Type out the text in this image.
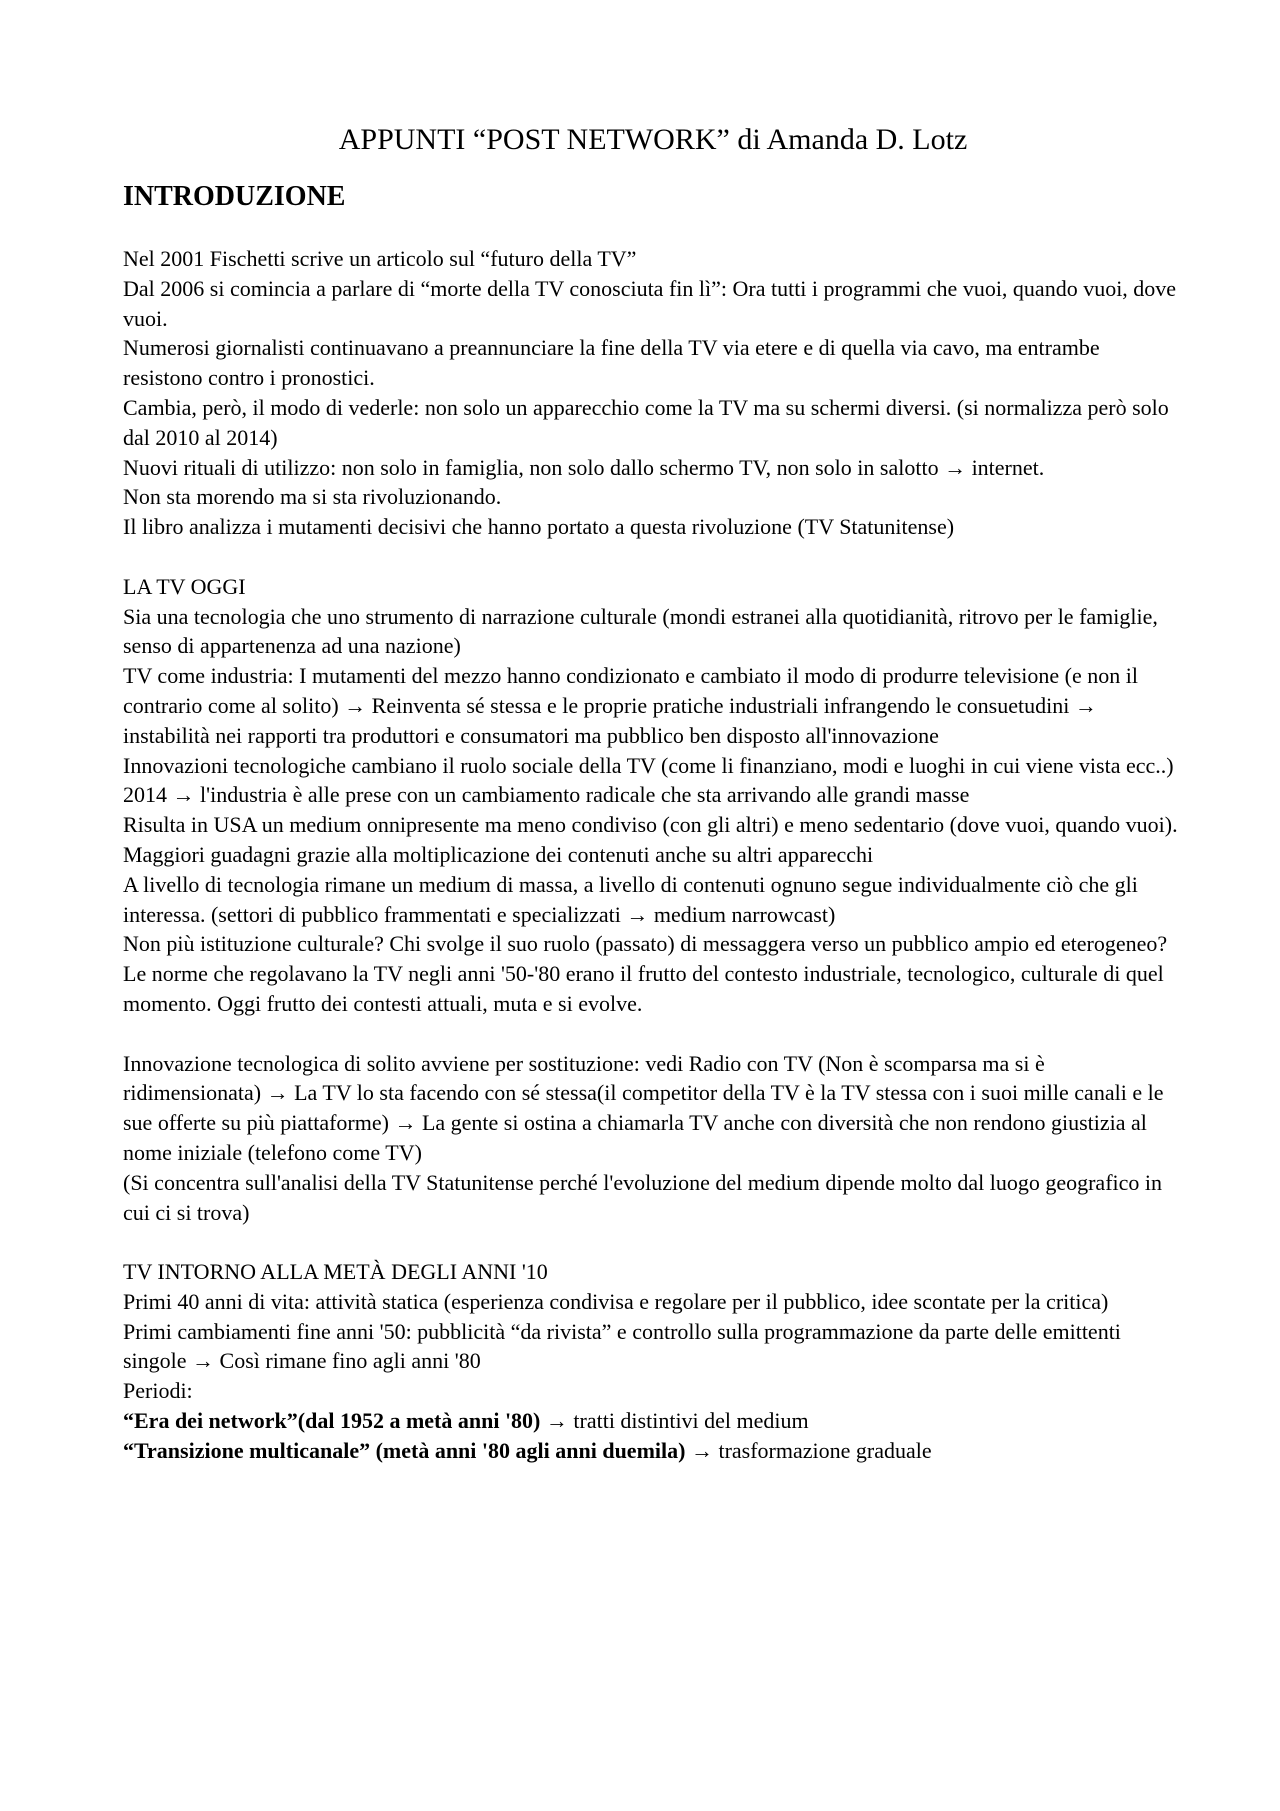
APPUNTI “POST NETWORK” di Amanda D. Lotz
INTRODUZIONE

Nel 2001 Fischetti scrive un articolo sul “futuro della TV”

Dal 2006 si comincia a parlare di “morte della TV conosciuta fin lì”: Ora tutti i programmi che vuoi, quando vuoi, dove vuoi.

Numerosi giornalisti continuavano a preannunciare la fine della TV via etere e di quella via cavo, ma entrambe resistono contro i pronostici.

Cambia, però, il modo di vederle: non solo un apparecchio come la TV ma su schermi diversi. (si normalizza però solo dal 2010 al 2014)

Nuovi rituali di utilizzo: non solo in famiglia, non solo dallo schermo TV, non solo in salotto → internet.

Non sta morendo ma si sta rivoluzionando.

Il libro analizza i mutamenti decisivi che hanno portato a questa rivoluzione (TV Statunitense)

LA TV OGGI

Sia una tecnologia che uno strumento di narrazione culturale (mondi estranei alla quotidianità, ritrovo per le famiglie, senso di appartenenza ad una nazione)

TV come industria: I mutamenti del mezzo hanno condizionato e cambiato il modo di produrre televisione (e non il contrario come al solito) → Reinventa sé stessa e le proprie pratiche industriali infrangendo le consuetudini → instabilità nei rapporti tra produttori e consumatori ma pubblico ben disposto all'innovazione

Innovazioni tecnologiche cambiano il ruolo sociale della TV (come li finanziano, modi e luoghi in cui viene vista ecc..)

2014 → l'industria è alle prese con un cambiamento radicale che sta arrivando alle grandi masse

Risulta in USA un medium onnipresente ma meno condiviso (con gli altri) e meno sedentario (dove vuoi, quando vuoi). Maggiori guadagni grazie alla moltiplicazione dei contenuti anche su altri apparecchi

A livello di tecnologia rimane un medium di massa, a livello di contenuti ognuno segue individualmente ciò che gli interessa. (settori di pubblico frammentati e specializzati → medium narrowcast)

Non più istituzione culturale? Chi svolge il suo ruolo (passato) di messaggera verso un pubblico ampio ed eterogeneo?

Le norme che regolavano la TV negli anni '50-'80 erano il frutto del contesto industriale, tecnologico, culturale di quel momento. Oggi frutto dei contesti attuali, muta e si evolve.

Innovazione tecnologica di solito avviene per sostituzione: vedi Radio con TV (Non è scomparsa ma si è ridimensionata) → La TV lo sta facendo con sé stessa(il competitor della TV è la TV stessa con i suoi mille canali e le sue offerte su più piattaforme) → La gente si ostina a chiamarla TV anche con diversità che non rendono giustizia al nome iniziale (telefono come TV)

(Si concentra sull'analisi della TV Statunitense perché l'evoluzione del medium dipende molto dal luogo geografico in cui ci si trova)

TV INTORNO ALLA METÀ DEGLI ANNI '10

Primi 40 anni di vita: attività statica (esperienza condivisa e regolare per il pubblico, idee scontate per la critica)

Primi cambiamenti fine anni '50: pubblicità “da rivista” e controllo sulla programmazione da parte delle emittenti singole → Così rimane fino agli anni '80

Periodi:

“Era dei network”(dal 1952 a metà anni '80) → tratti distintivi del medium

“Transizione multicanale” (metà anni '80 agli anni duemila) → trasformazione graduale
